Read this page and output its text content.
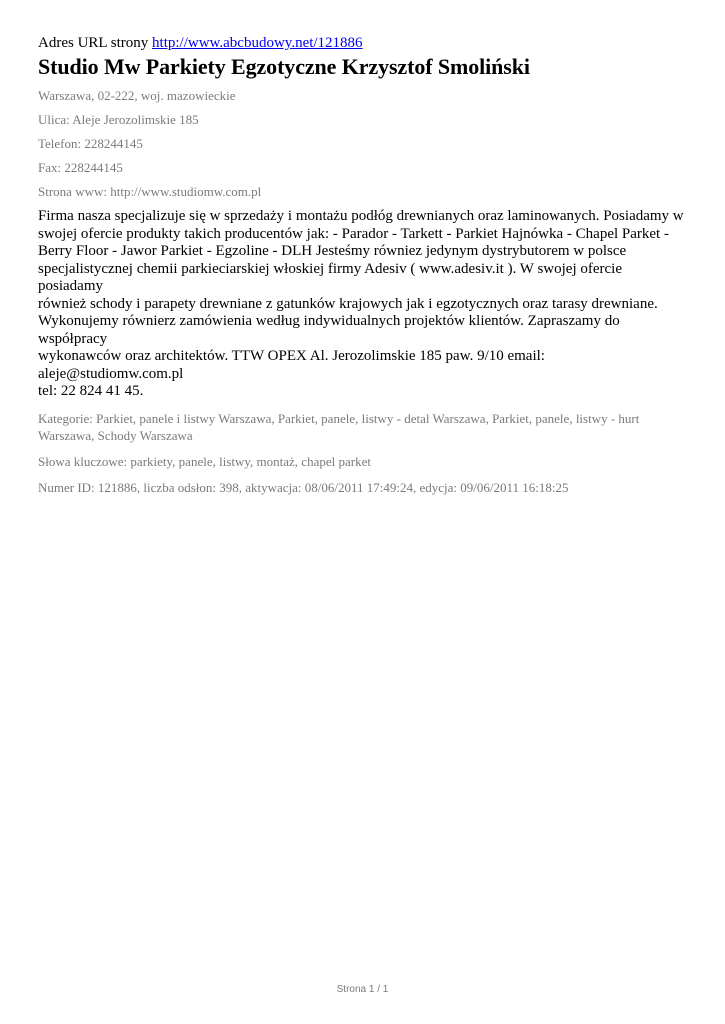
Adres URL strony http://www.abcbudowy.net/121886

Studio Mw Parkiety Egzotyczne Krzysztof Smoliński

Warszawa, 02-222, woj. mazowieckie

Ulica: Aleje Jerozolimskie 185

Telefon: 228244145

Fax: 228244145

Strona www: http://www.studiomw.com.pl

Firma nasza specjalizuje się w sprzedaży i montażu podłóg drewnianych oraz laminowanych. Posiadamy w
swojej ofercie produkty takich producentów jak: - Parador - Tarkett - Parkiet Hajnówka - Chapel Parket -
Berry Floor - Jawor Parkiet - Egzoline - DLH Jesteśmy równiez jedynym dystrybutorem w polsce
specjalistycznej chemii parkieciarskiej włoskiej firmy Adesiv ( www.adesiv.it ). W swojej ofercie posiadamy
również schody i parapety drewniane z gatunków krajowych jak i egzotycznych oraz tarasy drewniane.
Wykonujemy równierz zamówienia według indywidualnych projektów klientów. Zapraszamy do współpracy
wykonawców oraz architektów. TTW OPEX Al. Jerozolimskie 185 paw. 9/10 email: aleje@studiomw.com.pl
tel: 22 824 41 45.

Kategorie: Parkiet, panele i listwy Warszawa, Parkiet, panele, listwy - detal Warszawa, Parkiet, panele, listwy - hurt
Warszawa, Schody Warszawa

Słowa kluczowe: parkiety, panele, listwy, montaż, chapel parket

Numer ID: 121886, liczba odsłon: 398, aktywacja: 08/06/2011 17:49:24, edycja: 09/06/2011 16:18:25

Strona 1 / 1
